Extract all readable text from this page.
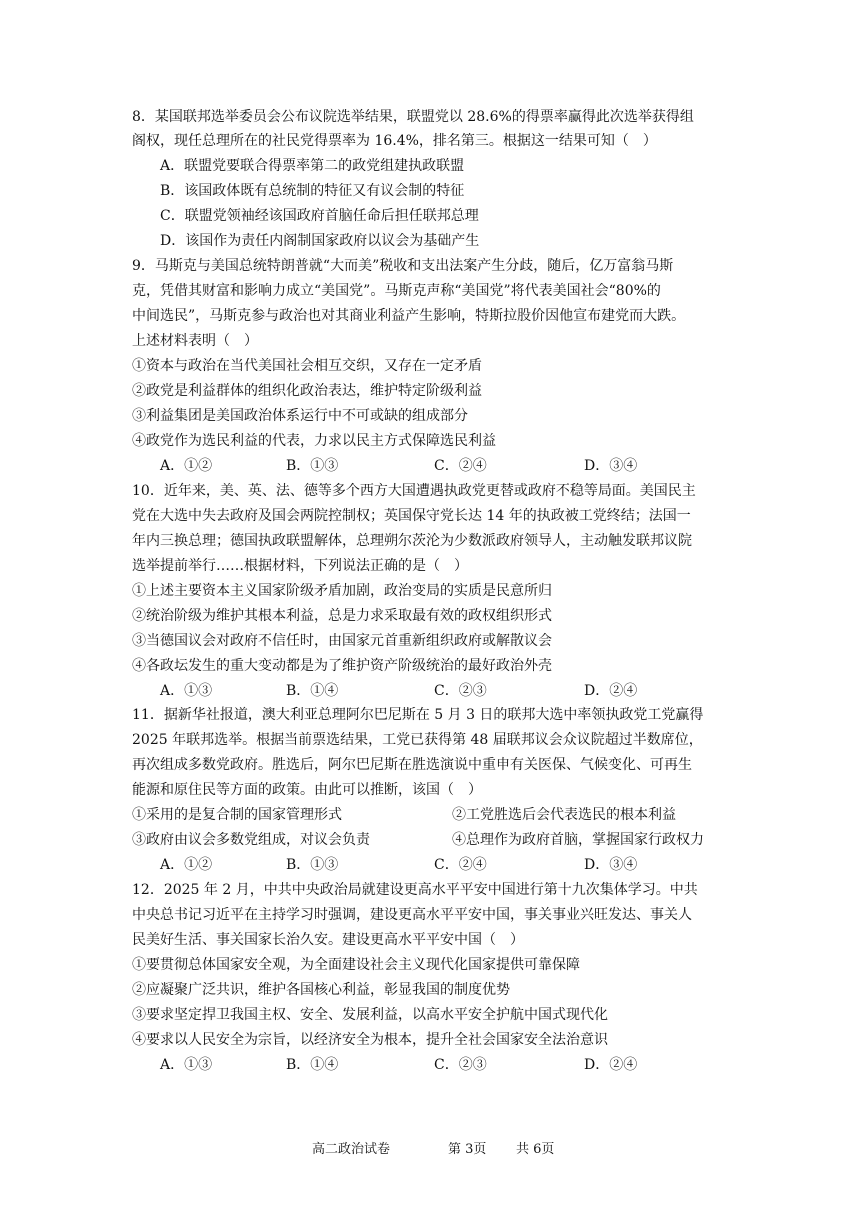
8．某国联邦选举委员会公布议院选举结果，联盟党以 28.6%的得票率赢得此次选举获得组
阁权，现任总理所在的社民党得票率为 16.4%，排名第三。根据这一结果可知（　）
A．联盟党要联合得票率第二的政党组建执政联盟
B．该国政体既有总统制的特征又有议会制的特征
C．联盟党领袖经该国政府首脑任命后担任联邦总理
D．该国作为责任内阁制国家政府以议会为基础产生
9．马斯克与美国总统特朗普就“大而美”税收和支出法案产生分歧，随后，亿万富翁马斯
克，凭借其财富和影响力成立“美国党”。马斯克声称“美国党”将代表美国社会“80%的
中间选民”，马斯克参与政治也对其商业利益产生影响，特斯拉股价因他宣布建党而大跌。
上述材料表明（　）
①资本与政治在当代美国社会相互交织，又存在一定矛盾
②政党是利益群体的组织化政治表达，维护特定阶级利益
③利益集团是美国政治体系运行中不可或缺的组成部分
④政党作为选民利益的代表，力求以民主方式保障选民利益
A．①②	B．①③	C．②④	D．③④
10．近年来，美、英、法、德等多个西方大国遭遇执政党更替或政府不稳等局面。美国民主
党在大选中失去政府及国会两院控制权；英国保守党长达 14 年的执政被工党终结；法国一
年内三换总理；德国执政联盟解体，总理朔尔茨沦为少数派政府领导人，主动触发联邦议院
选举提前举行……根据材料，下列说法正确的是（　）
①上述主要资本主义国家阶级矛盾加剧，政治变局的实质是民意所归
②统治阶级为维护其根本利益，总是力求采取最有效的政权组织形式
③当德国议会对政府不信任时，由国家元首重新组织政府或解散议会
④各政坛发生的重大变动都是为了维护资产阶级统治的最好政治外壳
A．①③	B．①④	C．②③	D．②④
11．据新华社报道，澳大利亚总理阿尔巴尼斯在 5 月 3 日的联邦大选中率领执政党工党赢得
2025 年联邦选举。根据当前票选结果，工党已获得第 48 届联邦议会众议院超过半数席位，
再次组成多数党政府。胜选后，阿尔巴尼斯在胜选演说中重申有关医保、气候变化、可再生
能源和原住民等方面的政策。由此可以推断，该国（　）
①采用的是复合制的国家管理形式	②工党胜选后会代表选民的根本利益
③政府由议会多数党组成，对议会负责	④总理作为政府首脑，掌握国家行政权力
A．①②	B．①③	C．②④	D．③④
12．2025 年 2 月，中共中央政治局就建设更高水平平安中国进行第十九次集体学习。中共
中央总书记习近平在主持学习时强调，建设更高水平平安中国，事关事业兴旺发达、事关人
民美好生活、事关国家长治久安。建设更高水平平安中国（　）
①要贯彻总体国家安全观，为全面建设社会主义现代化国家提供可靠保障
②应凝聚广泛共识，维护各国核心利益，彰显我国的制度优势
③要求坚定捍卫我国主权、安全、发展利益，以高水平安全护航中国式现代化
④要求以人民安全为宗旨，以经济安全为根本，提升全社会国家安全法治意识
A．①③	B．①④	C．②③	D．②④
高二政治试卷	第 3页 共 6页
